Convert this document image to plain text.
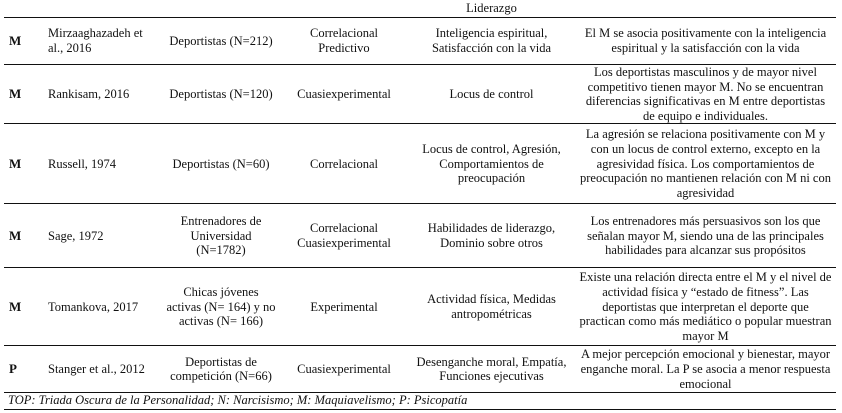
Liderazgo
M	Mirzaaghazadeh et al., 2016	Deportistas (N=212)	Correlacional Predictivo	Inteligencia espiritual, Satisfacción con la vida	El M se asocia positivamente con la inteligencia espiritual y la satisfacción con la vida
M	Rankisam, 2016	Deportistas (N=120)	Cuasiexperimental	Locus de control	Los deportistas masculinos y de mayor nivel competitivo tienen mayor M. No se encuentran diferencias significativas en M entre deportistas de equipo e individuales.
M	Russell, 1974	Deportistas (N=60)	Correlacional	Locus de control, Agresión, Comportamientos de preocupación	La agresión se relaciona positivamente con M y con un locus de control externo, excepto en la agresividad física. Los comportamientos de preocupación no mantienen relación con M ni con agresividad
M	Sage, 1972	Entrenadores de Universidad (N=1782)	Correlacional Cuasiexperimental	Habilidades de liderazgo, Dominio sobre otros	Los entrenadores más persuasivos son los que señalan mayor M, siendo una de las principales habilidades para alcanzar sus propósitos
M	Tomankova, 2017	Chicas jóvenes activas (N= 164) y no activas (N= 166)	Experimental	Actividad física, Medidas antropométricas	Existe una relación directa entre el M y el nivel de actividad física y “estado de fitness”. Las deportistas que interpretan el deporte que practican como más mediático o popular muestran mayor M
P	Stanger et al., 2012	Deportistas de competición (N=66)	Cuasiexperimental	Desenganche moral, Empatía, Funciones ejecutivas	A mejor percepción emocional y bienestar, mayor enganche moral. La P se asocia a menor respuesta emocional
TOP: Triada Oscura de la Personalidad; N: Narcisismo; M: Maquiavelismo; P: Psicopatía
